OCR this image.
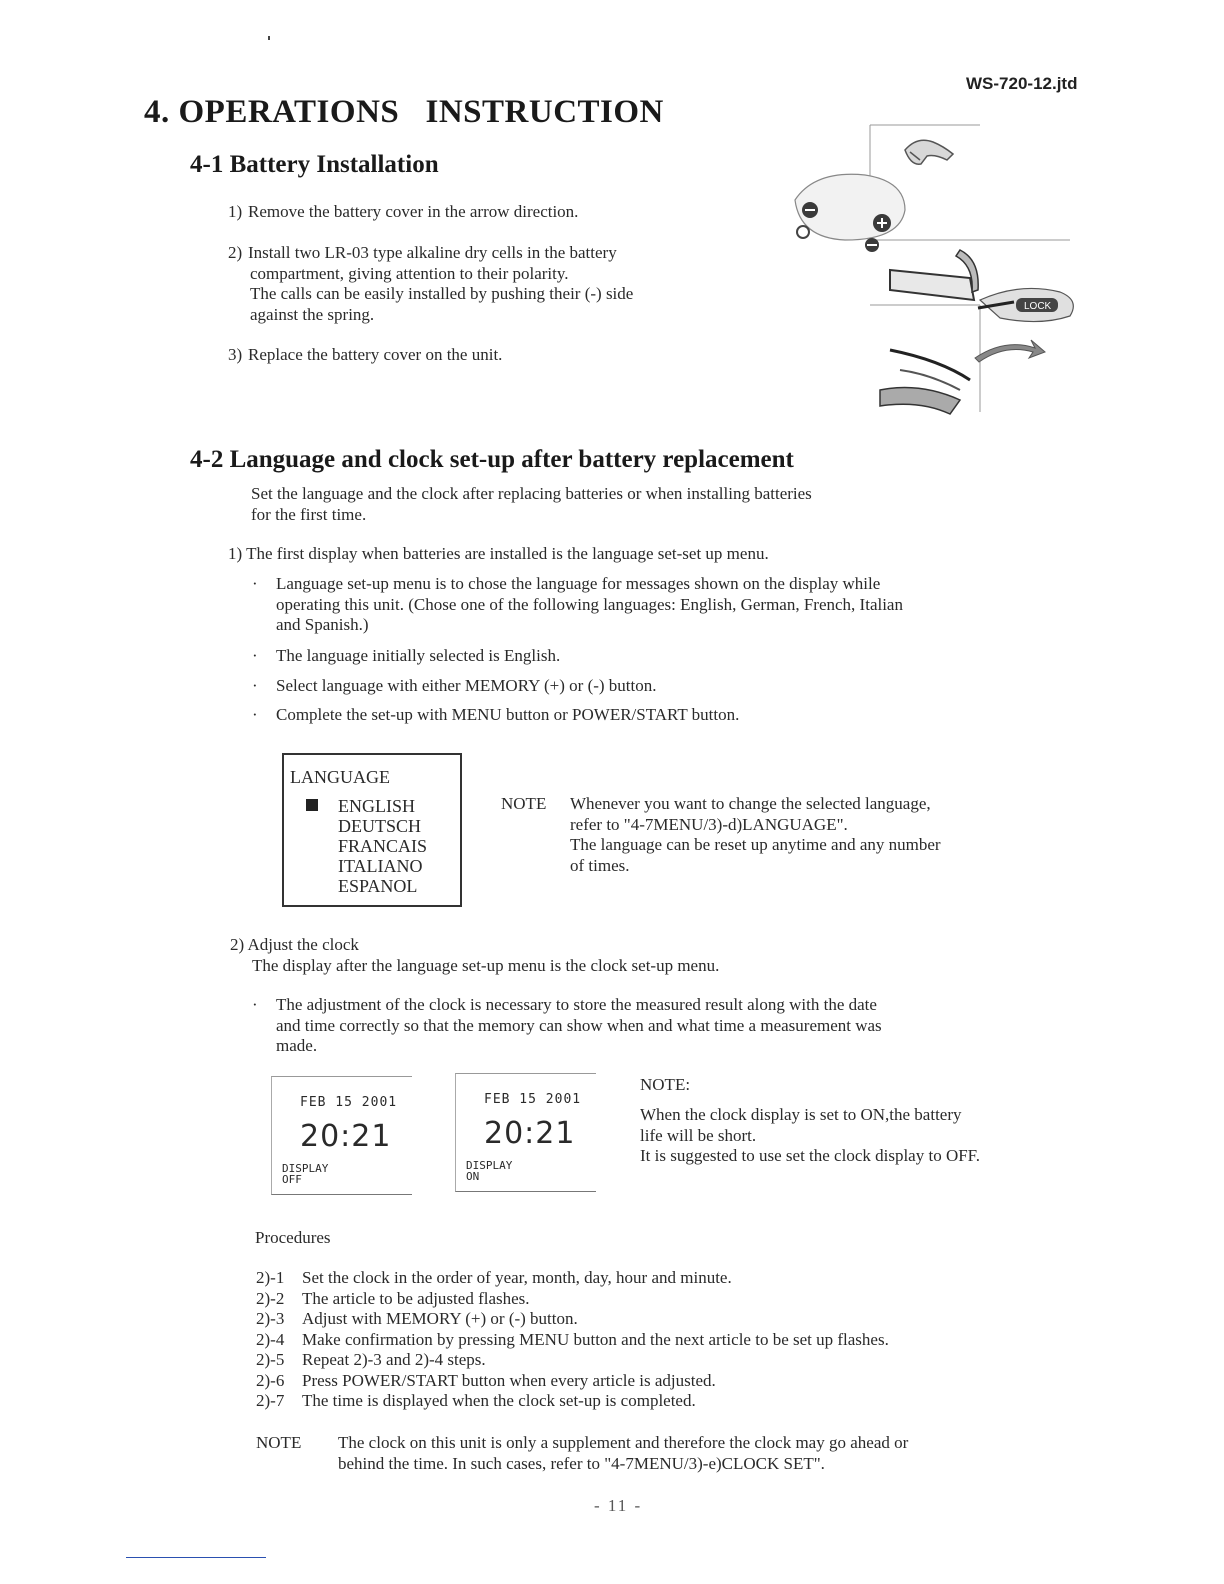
WS-720-12.jtd
4. OPERATIONS   INSTRUCTION
4-1 Battery Installation
1) Remove the battery cover in the arrow direction.
2) Install two LR-03 type alkaline dry cells in the battery
compartment, giving attention to their polarity.
The calls can be easily installed by pushing their (-) side
against the spring.
3) Replace the battery cover on the unit.
LOCK
4-2 Language and clock set-up after battery replacement
Set the language and the clock after replacing batteries or when installing batteries
for the first time.
1) The first display when batteries are installed is the language set-set up menu.
· Language set-up menu is to chose the language for messages shown on the display while
operating this unit. (Chose one of the following languages: English, German, French, Italian
and Spanish.)
· The language initially selected is English.
· Select language with either MEMORY (+) or (-) button.
· Complete the set-up with MENU button or POWER/START button.
LANGUAGE
ENGLISH
DEUTSCH
FRANCAIS
ITALIANO
ESPANOL
NOTE Whenever you want to change the selected language,
refer to "4-7MENU/3)-d)LANGUAGE".
The language can be reset up anytime and any number
of times.
2) Adjust the clock
The display after the language set-up menu is the clock set-up menu.
· The adjustment of the clock is necessary to store the measured result along with the date
and time correctly so that the memory can show when and what time a measurement was
made.
FEB 15 2001
20:21
DISPLAY
OFF
FEB 15 2001
20:21
DISPLAY
ON
NOTE:
When the clock display is set to ON,the battery
life will be short.
It is suggested to use set the clock display to OFF.
Procedures
2)-1 Set the clock in the order of year, month, day, hour and minute.
2)-2 The article to be adjusted flashes.
2)-3 Adjust with MEMORY (+) or (-) button.
2)-4 Make confirmation by pressing MENU button and the next article to be set up flashes.
2)-5 Repeat 2)-3 and 2)-4 steps.
2)-6 Press POWER/START button when every article is adjusted.
2)-7 The time is displayed when the clock set-up is completed.
NOTE The clock on this unit is only a supplement and therefore the clock may go ahead or
behind the time. In such cases, refer to "4-7MENU/3)-e)CLOCK SET".
- 11 -
